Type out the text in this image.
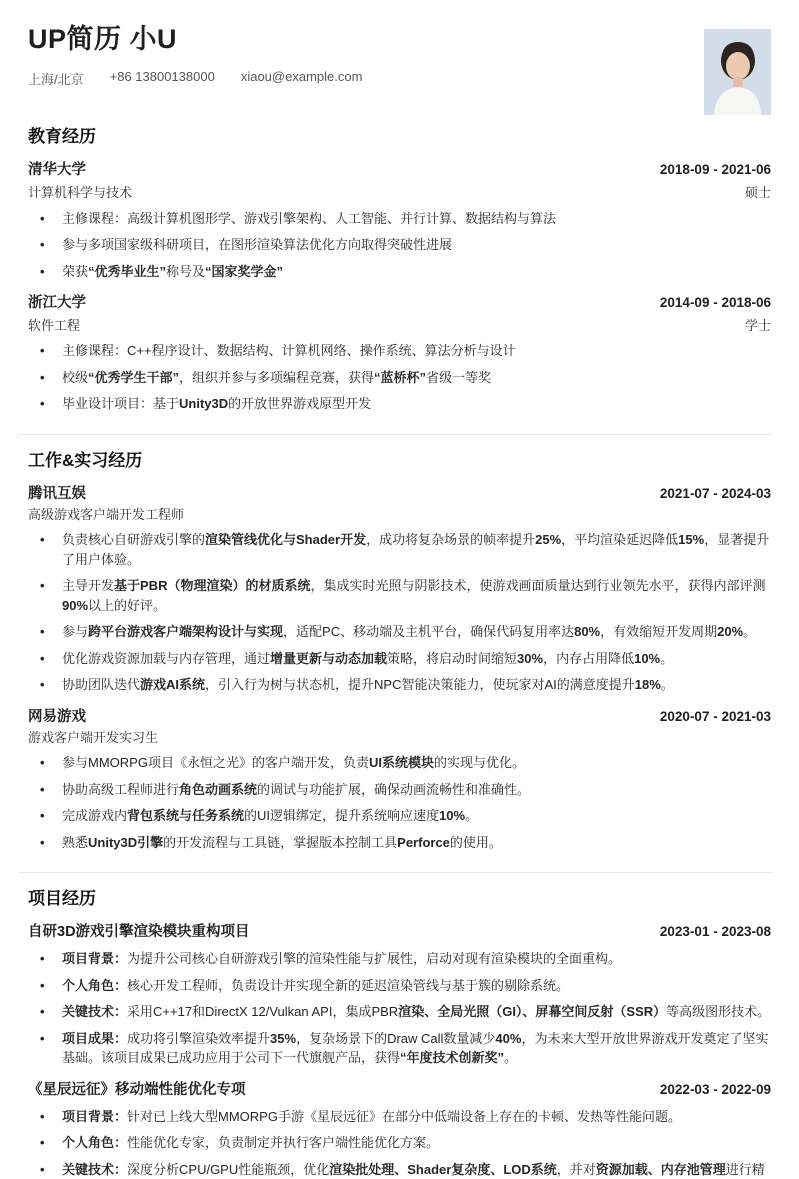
UP简历 小U
上海/北京 +86 13800138000 xiaou@example.com
教育经历
清华大学	2018-09 - 2021-06
计算机科学与技术	硕士
•	主修课程：高级计算机图形学、游戏引擎架构、人工智能、并行计算、数据结构与算法
•	参与多项国家级科研项目，在图形渲染算法优化方向取得突破性进展
•	荣获“优秀毕业生”称号及“国家奖学金”
浙江大学	2014-09 - 2018-06
软件工程	学士
•	主修课程：C++程序设计、数据结构、计算机网络、操作系统、算法分析与设计
•	校级“优秀学生干部”，组织并参与多项编程竞赛，获得“蓝桥杯”省级一等奖
•	毕业设计项目：基于Unity3D的开放世界游戏原型开发
工作&实习经历
腾讯互娱	2021-07 - 2024-03
高级游戏客户端开发工程师
•	负责核心自研游戏引擎的渲染管线优化与Shader开发，成功将复杂场景的帧率提升25%，平均渲染延迟降低15%，显著提升了用户体验。
•	主导开发基于PBR（物理渲染）的材质系统，集成实时光照与阴影技术，使游戏画面质量达到行业领先水平，获得内部评测90%以上的好评。
•	参与跨平台游戏客户端架构设计与实现，适配PC、移动端及主机平台，确保代码复用率达80%，有效缩短开发周期20%。
•	优化游戏资源加载与内存管理，通过增量更新与动态加载策略，将启动时间缩短30%，内存占用降低10%。
•	协助团队迭代游戏AI系统，引入行为树与状态机，提升NPC智能决策能力，使玩家对AI的满意度提升18%。
网易游戏	2020-07 - 2021-03
游戏客户端开发实习生
•	参与MMORPG项目《永恒之光》的客户端开发，负责UI系统模块的实现与优化。
•	协助高级工程师进行角色动画系统的调试与功能扩展，确保动画流畅性和准确性。
•	完成游戏内背包系统与任务系统的UI逻辑绑定，提升系统响应速度10%。
•	熟悉Unity3D引擎的开发流程与工具链，掌握版本控制工具Perforce的使用。
项目经历
自研3D游戏引擎渲染模块重构项目	2023-01 - 2023-08
•	项目背景：为提升公司核心自研游戏引擎的渲染性能与扩展性，启动对现有渲染模块的全面重构。
•	个人角色：核心开发工程师，负责设计并实现全新的延迟渲染管线与基于簇的剔除系统。
•	关键技术：采用C++17和DirectX 12/Vulkan API，集成PBR渲染、全局光照（GI）、屏幕空间反射（SSR）等高级图形技术。
•	项目成果：成功将引擎渲染效率提升35%，复杂场景下的Draw Call数量减少40%，为未来大型开放世界游戏开发奠定了坚实基础。该项目成果已成功应用于公司下一代旗舰产品，获得“年度技术创新奖”。
《星辰远征》移动端性能优化专项	2022-03 - 2022-09
•	项目背景：针对已上线大型MMORPG手游《星辰远征》在部分中低端设备上存在的卡顿、发热等性能问题。
•	个人角色：性能优化专家，负责制定并执行客户端性能优化方案。
•	关键技术：深度分析CPU/GPU性能瓶颈，优化渲染批处理、Shader复杂度、LOD系统，并对资源加载、内存池管理进行精
